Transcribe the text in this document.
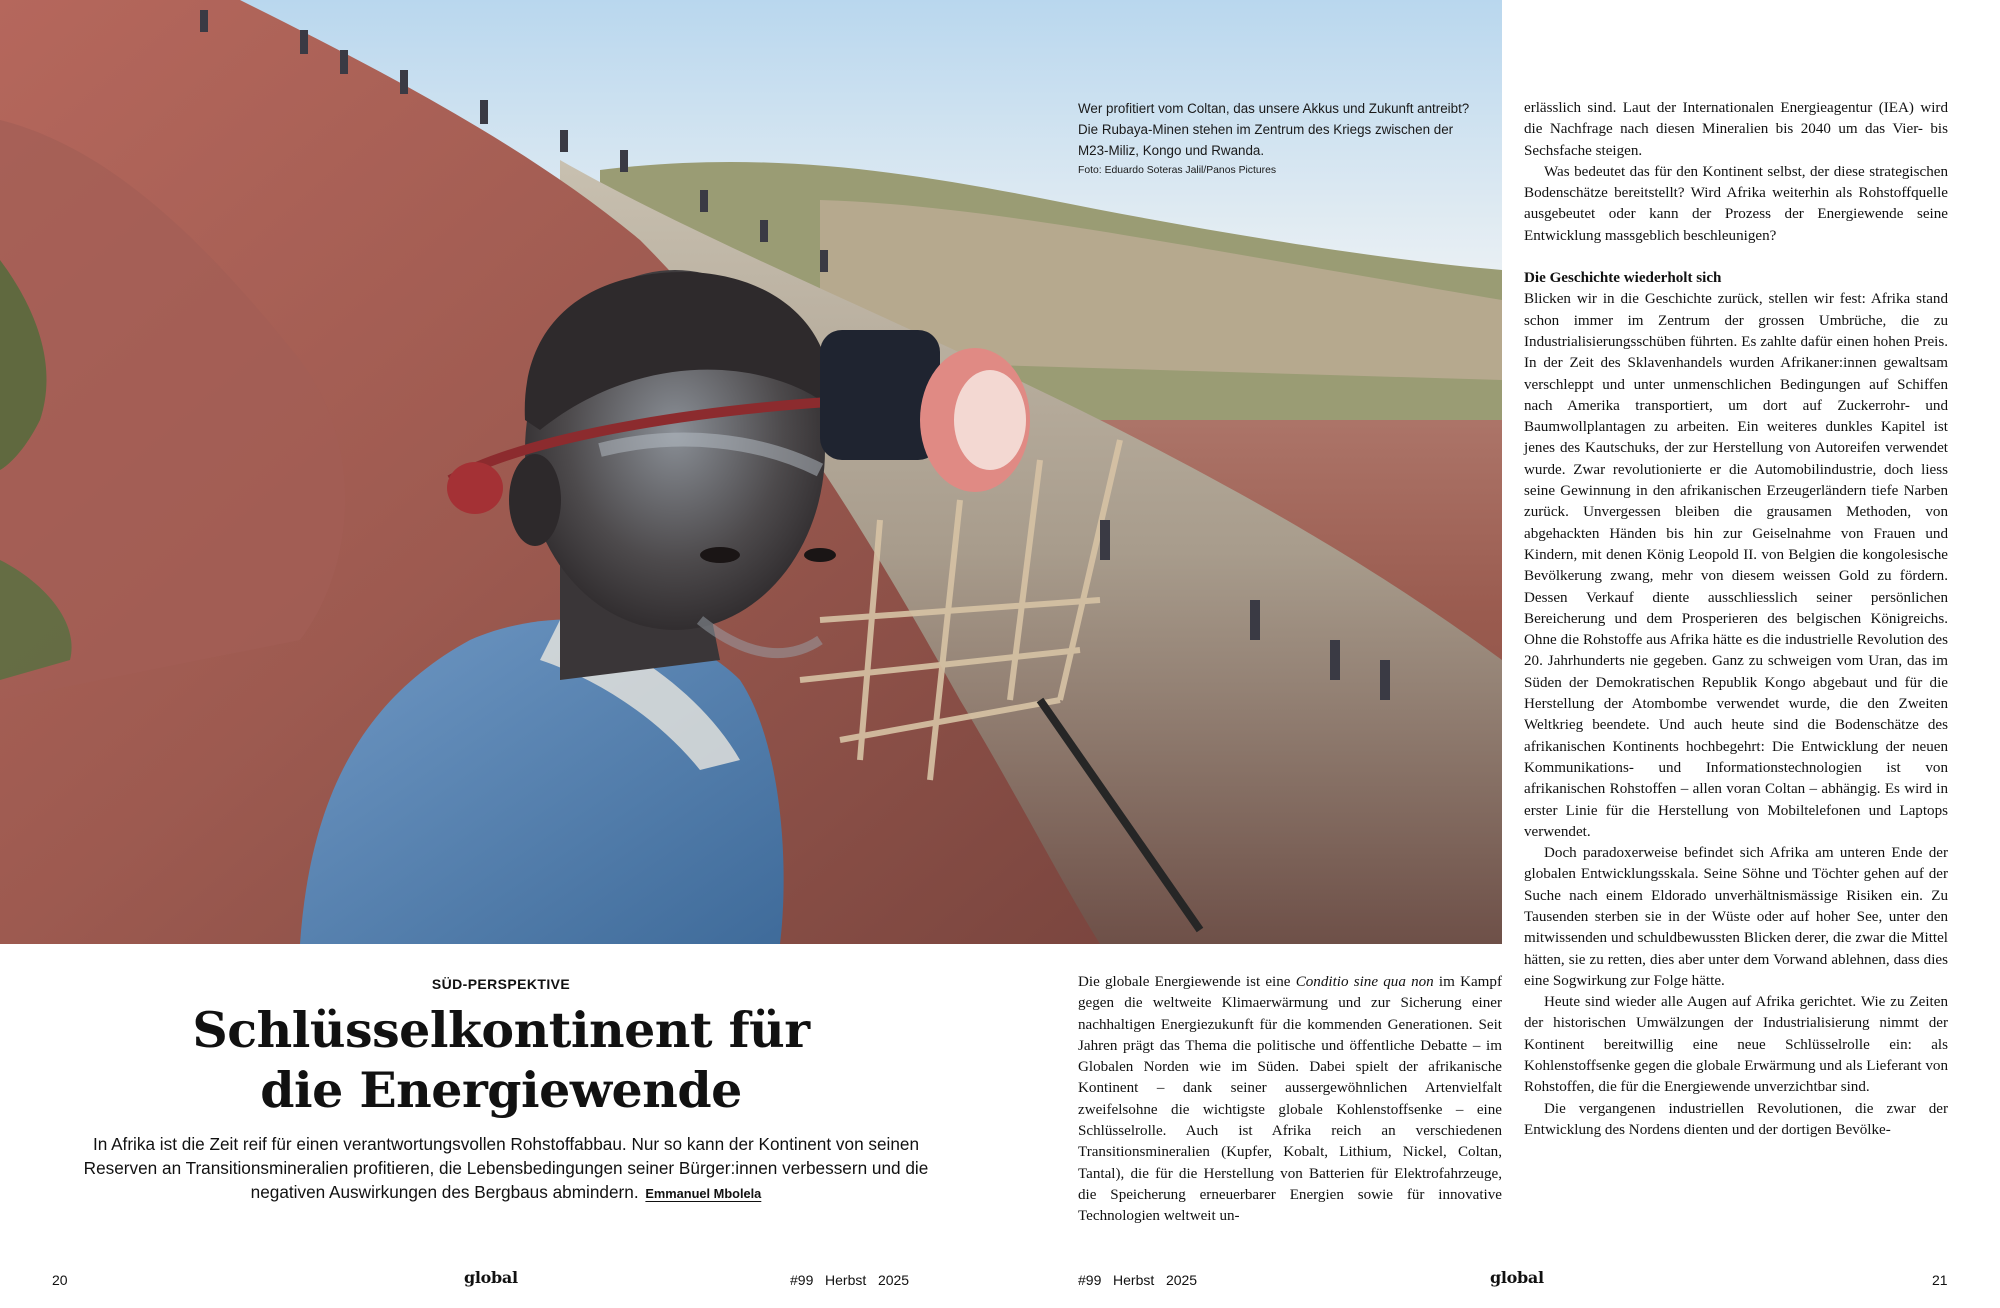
Wer profitiert vom Coltan, das unsere Akkus und Zukunft antreibt? Die Rubaya-Minen stehen im Zentrum des Kriegs zwischen der M23-Miliz, Kongo und Rwanda.
Foto: Eduardo Soteras Jalil/Panos Pictures
SÜD-PERSPEKTIVE
Schlüsselkontinent für
die Energiewende

In Afrika ist die Zeit reif für einen verantwortungsvollen Rohstoffabbau. Nur so kann der Kontinent von seinen Reserven an Transitionsmineralien profitieren, die Lebensbedingungen seiner Bürger:innen verbessern und die negativen Auswirkungen des Bergbaus abmindern. Emmanuel Mbolela

Die globale Energiewende ist eine Conditio sine qua non im Kampf gegen die weltweite Klimaerwärmung und zur Sicherung einer nachhaltigen Energiezukunft für die kommenden Generationen. Seit Jahren prägt das Thema die politische und öffentliche Debatte – im Globalen Norden wie im Süden. Dabei spielt der afrikanische Kontinent – dank seiner aussergewöhnlichen Artenvielfalt zweifelsohne die wichtigste globale Kohlenstoffsenke – eine Schlüsselrolle. Auch ist Afrika reich an verschiedenen Transitionsmineralien (Kupfer, Kobalt, Lithium, Nickel, Coltan, Tantal), die für die Herstellung von Batterien für Elektrofahrzeuge, die Speicherung erneuerbarer Energien sowie für innovative Technologien weltweit un-

erlässlich sind. Laut der Internationalen Energieagentur (IEA) wird die Nachfrage nach diesen Mineralien bis 2040 um das Vier- bis Sechsfache steigen.

Was bedeutet das für den Kontinent selbst, der diese strategischen Bodenschätze bereitstellt? Wird Afrika weiterhin als Rohstoffquelle ausgebeutet oder kann der Prozess der Energiewende seine Entwicklung massgeblich beschleunigen?

Die Geschichte wiederholt sich

Blicken wir in die Geschichte zurück, stellen wir fest: Afrika stand schon immer im Zentrum der grossen Umbrüche, die zu Industrialisierungsschüben führten. Es zahlte dafür einen hohen Preis. In der Zeit des Sklavenhandels wurden Afrikaner:innen gewaltsam verschleppt und unter unmenschlichen Bedingungen auf Schiffen nach Amerika transportiert, um dort auf Zuckerrohr- und Baumwollplantagen zu arbeiten. Ein weiteres dunkles Kapitel ist jenes des Kautschuks, der zur Herstellung von Autoreifen verwendet wurde. Zwar revolutionierte er die Automobilindustrie, doch liess seine Gewinnung in den afrikanischen Erzeugerländern tiefe Narben zurück. Unvergessen bleiben die grausamen Methoden, von abgehackten Händen bis hin zur Geiselnahme von Frauen und Kindern, mit denen König Leopold II. von Belgien die kongolesische Bevölkerung zwang, mehr von diesem weissen Gold zu fördern. Dessen Verkauf diente ausschliesslich seiner persönlichen Bereicherung und dem Prosperieren des belgischen Königreichs. Ohne die Rohstoffe aus Afrika hätte es die industrielle Revolution des 20. Jahrhunderts nie gegeben. Ganz zu schweigen vom Uran, das im Süden der Demokratischen Republik Kongo abgebaut und für die Herstellung der Atombombe verwendet wurde, die den Zweiten Weltkrieg beendete. Und auch heute sind die Bodenschätze des afrikanischen Kontinents hochbegehrt: Die Entwicklung der neuen Kommunikations- und Informationstechnologien ist von afrikanischen Rohstoffen – allen voran Coltan – abhängig. Es wird in erster Linie für die Herstellung von Mobiltelefonen und Laptops verwendet.

Doch paradoxerweise befindet sich Afrika am unteren Ende der globalen Entwicklungsskala. Seine Söhne und Töchter gehen auf der Suche nach einem Eldorado unverhältnismässige Risiken ein. Zu Tausenden sterben sie in der Wüste oder auf hoher See, unter den mitwissenden und schuldbewussten Blicken derer, die zwar die Mittel hätten, sie zu retten, dies aber unter dem Vorwand ablehnen, dass dies eine Sogwirkung zur Folge hätte.

Heute sind wieder alle Augen auf Afrika gerichtet. Wie zu Zeiten der historischen Umwälzungen der Industrialisierung nimmt der Kontinent bereitwillig eine neue Schlüsselrolle ein: als Kohlenstoffsenke gegen die globale Erwärmung und als Lieferant von Rohstoffen, die für die Energiewende unverzichtbar sind.

Die vergangenen industriellen Revolutionen, die zwar der Entwicklung des Nordens dienten und der dortigen Bevölke-

20	global	#99 Herbst 2025	#99 Herbst 2025	global	21
